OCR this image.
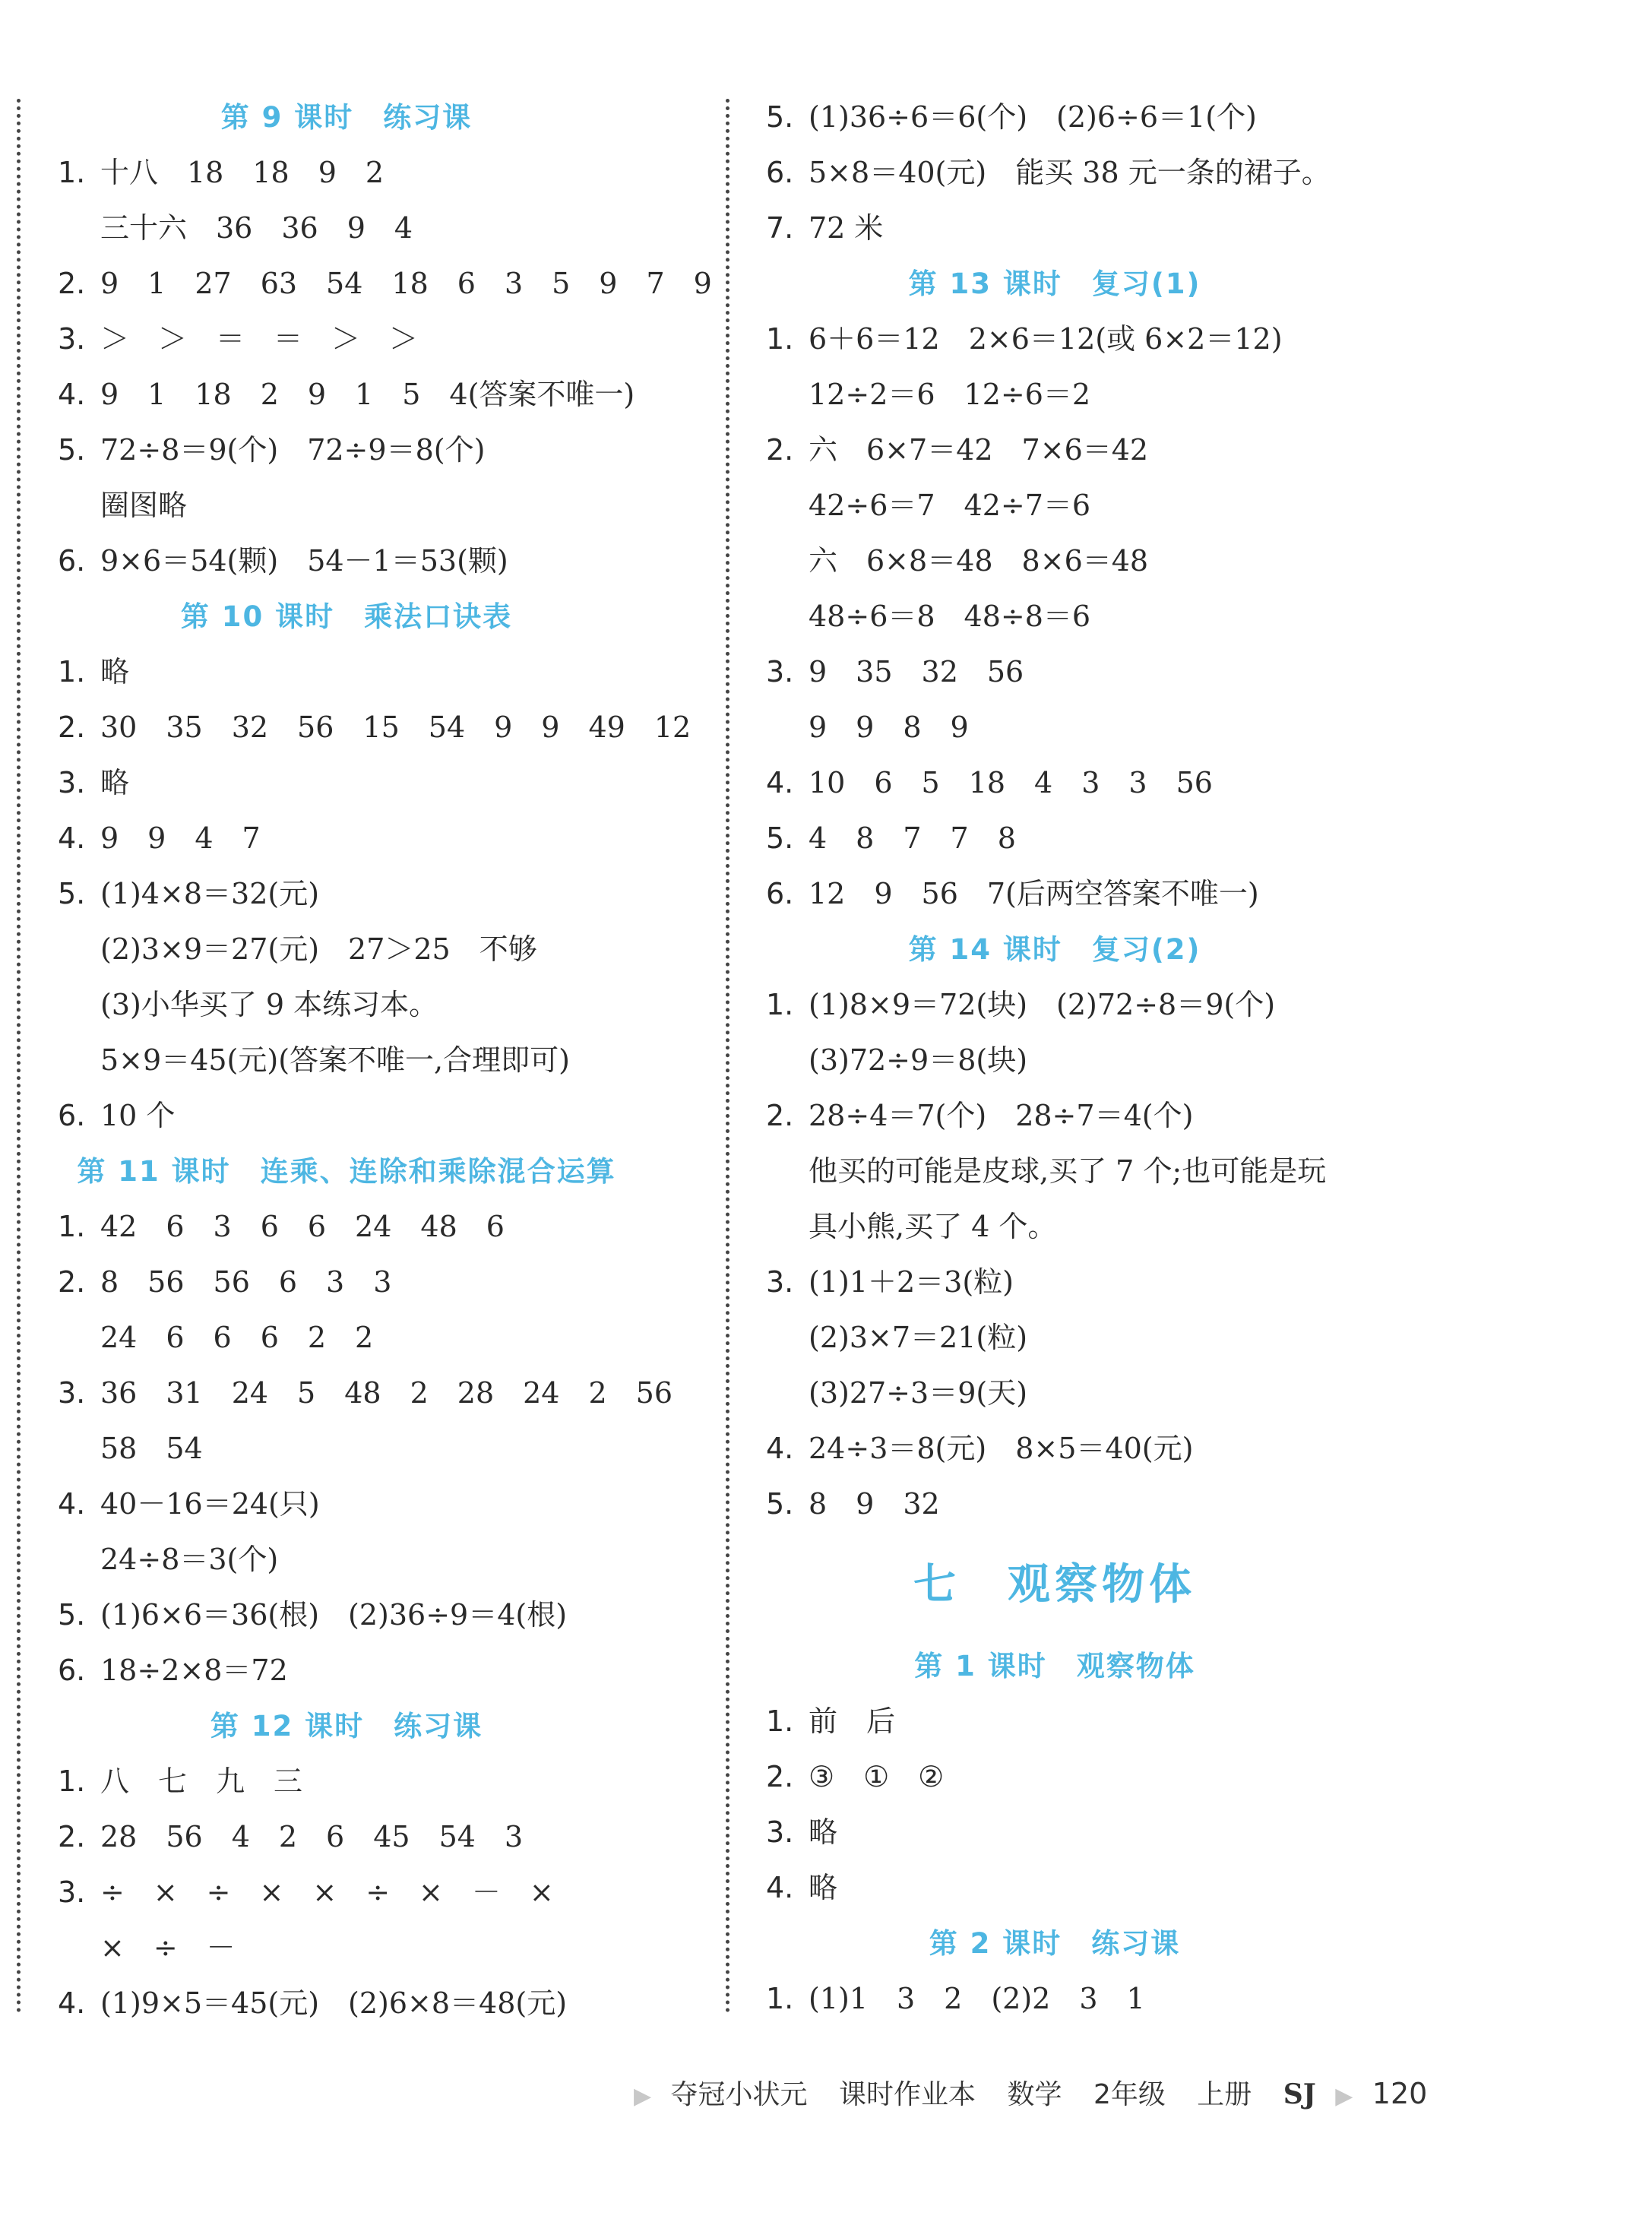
第 9 课时　练习课
1. 十八　18　18　9　2
三十六　36　36　9　4
2. 9　1　27　63　54　18　6　3　5　9　7　9
3. ＞　＞　＝　＝　＞　＞
4. 9　1　18　2　9　1　5　4(答案不唯一)
5. 72÷8＝9(个)　72÷9＝8(个)
圈图略
6. 9×6＝54(颗)　54－1＝53(颗)
第 10 课时　乘法口诀表
1. 略
2. 30　35　32　56　15　54　9　9　49　12
3. 略
4. 9　9　4　7
5. (1)4×8＝32(元)
(2)3×9＝27(元)　27＞25　不够
(3)小华买了 9 本练习本。
5×9＝45(元)(答案不唯一,合理即可)
6. 10 个
第 11 课时　连乘、连除和乘除混合运算
1. 42　6　3　6　6　24　48　6
2. 8　56　56　6　3　3
24　6　6　6　2　2
3. 36　31　24　5　48　2　28　24　2　56
58　54
4. 40－16＝24(只)
24÷8＝3(个)
5. (1)6×6＝36(根)　(2)36÷9＝4(根)
6. 18÷2×8＝72
第 12 课时　练习课
1. 八　七　九　三
2. 28　56　4　2　6　45　54　3
3. ÷　×　÷　×　×　÷　×　－　×
×　÷　－
4. (1)9×5＝45(元)　(2)6×8＝48(元)
5. (1)36÷6＝6(个)　(2)6÷6＝1(个)
6. 5×8＝40(元)　能买 38 元一条的裙子。
7. 72 米
第 13 课时　复习(1)
1. 6＋6＝12　2×6＝12(或 6×2＝12)
12÷2＝6　12÷6＝2
2. 六　6×7＝42　7×6＝42
42÷6＝7　42÷7＝6
六　6×8＝48　8×6＝48
48÷6＝8　48÷8＝6
3. 9　35　32　56
9　9　8　9
4. 10　6　5　18　4　3　3　56
5. 4　8　7　7　8
6. 12　9　56　7(后两空答案不唯一)
第 14 课时　复习(2)
1. (1)8×9＝72(块)　(2)72÷8＝9(个)
(3)72÷9＝8(块)
2. 28÷4＝7(个)　28÷7＝4(个)
他买的可能是皮球,买了 7 个;也可能是玩
具小熊,买了 4 个。
3. (1)1＋2＝3(粒)
(2)3×7＝21(粒)
(3)27÷3＝9(天)
4. 24÷3＝8(元)　8×5＝40(元)
5. 8　9　32
七　观察物体
第 1 课时　观察物体
1. 前　后
2. ③　①　②
3. 略
4. 略
第 2 课时　练习课
1. (1)1　3　2　(2)2　3　1
▶ 夺冠小状元 课时作业本 数学 2年级 上册 SJ ▶ 120
